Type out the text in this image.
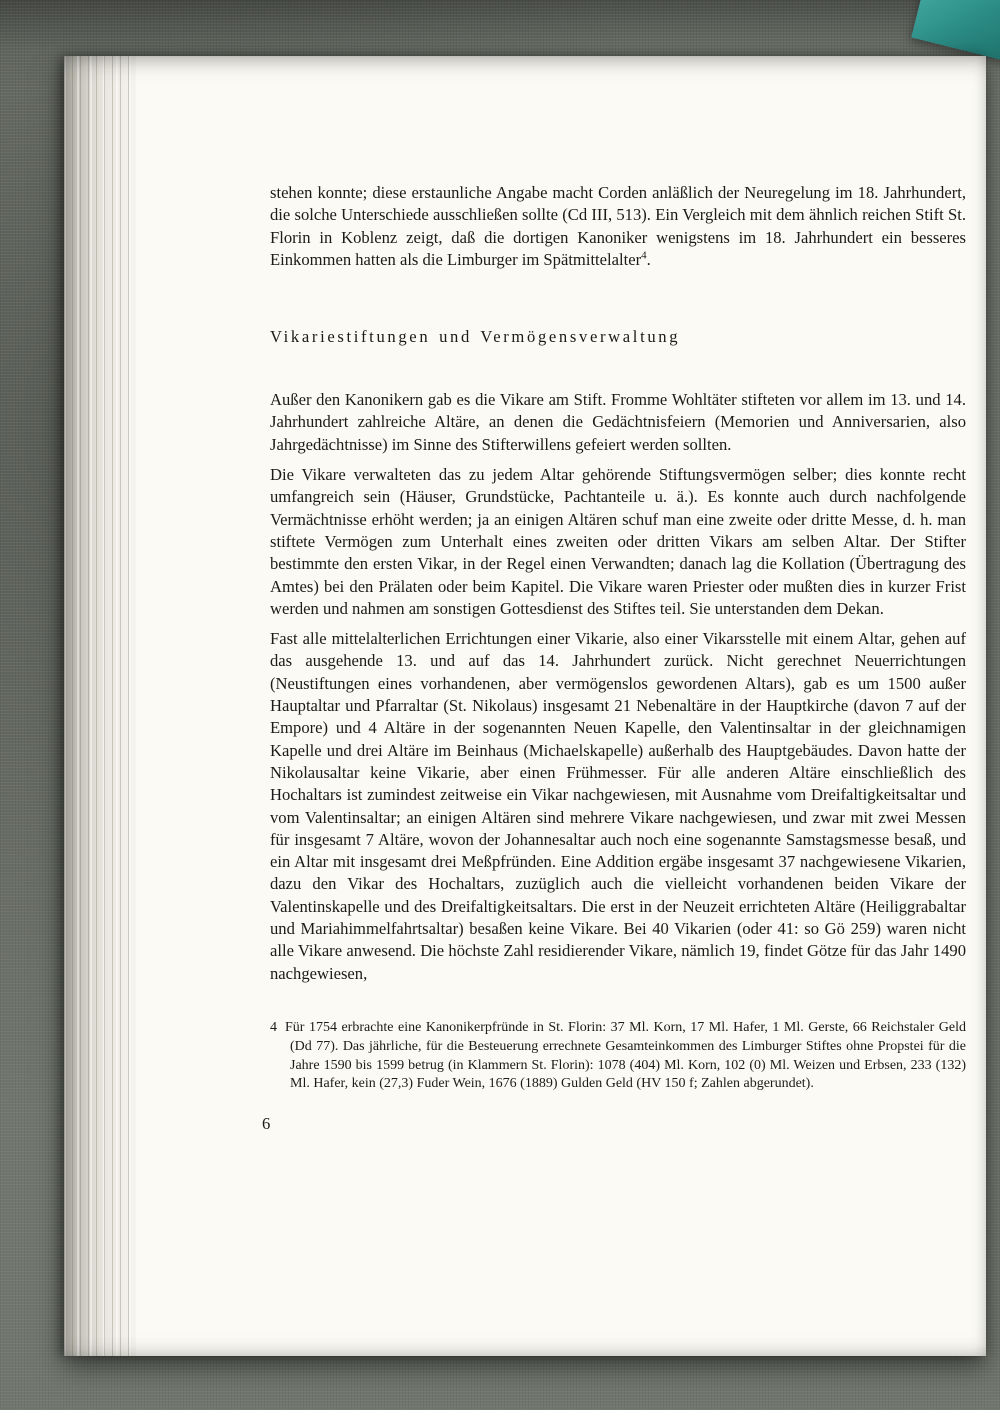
stehen konnte; diese erstaunliche Angabe macht Corden anläßlich der Neuregelung im 18. Jahrhundert, die solche Unterschiede ausschließen sollte (Cd III, 513). Ein Vergleich mit dem ähnlich reichen Stift St. Florin in Koblenz zeigt, daß die dortigen Kanoniker wenigstens im 18. Jahrhundert ein besseres Einkommen hatten als die Limburger im Spätmittelalter$^4$.

Vikariestiftungen und Vermögensverwaltung

Außer den Kanonikern gab es die Vikare am Stift. Fromme Wohltäter stifteten vor allem im 13. und 14. Jahrhundert zahlreiche Altäre, an denen die Gedächtnisfeiern (Memorien und Anniversarien, also Jahrgedächtnisse) im Sinne des Stifterwillens gefeiert werden sollten.

Die Vikare verwalteten das zu jedem Altar gehörende Stiftungsvermögen selber; dies konnte recht umfangreich sein (Häuser, Grundstücke, Pachtanteile u. ä.). Es konnte auch durch nachfolgende Vermächtnisse erhöht werden; ja an einigen Altären schuf man eine zweite oder dritte Messe, d. h. man stiftete Vermögen zum Unterhalt eines zweiten oder dritten Vikars am selben Altar. Der Stifter bestimmte den ersten Vikar, in der Regel einen Verwandten; danach lag die Kollation (Übertragung des Amtes) bei den Prälaten oder beim Kapitel. Die Vikare waren Priester oder mußten dies in kurzer Frist werden und nahmen am sonstigen Gottesdienst des Stiftes teil. Sie unterstanden dem Dekan.

Fast alle mittelalterlichen Errichtungen einer Vikarie, also einer Vikarsstelle mit einem Altar, gehen auf das ausgehende 13. und auf das 14. Jahrhundert zurück. Nicht gerechnet Neuerrichtungen (Neustiftungen eines vorhandenen, aber vermögenslos gewordenen Altars), gab es um 1500 außer Hauptaltar und Pfarraltar (St. Nikolaus) insgesamt 21 Nebenaltäre in der Hauptkirche (davon 7 auf der Empore) und 4 Altäre in der sogenannten Neuen Kapelle, den Valentinsaltar in der gleichnamigen Kapelle und drei Altäre im Beinhaus (Michaelskapelle) außerhalb des Hauptgebäudes. Davon hatte der Nikolausaltar keine Vikarie, aber einen Frühmesser. Für alle anderen Altäre einschließlich des Hochaltars ist zumindest zeitweise ein Vikar nachgewiesen, mit Ausnahme vom Dreifaltigkeitsaltar und vom Valentinsaltar; an einigen Altären sind mehrere Vikare nachgewiesen, und zwar mit zwei Messen für insgesamt 7 Altäre, wovon der Johannesaltar auch noch eine sogenannte Samstagsmesse besaß, und ein Altar mit insgesamt drei Meßpfründen. Eine Addition ergäbe insgesamt 37 nachgewiesene Vikarien, dazu den Vikar des Hochaltars, zuzüglich auch die vielleicht vorhandenen beiden Vikare der Valentinskapelle und des Dreifaltigkeitsaltars. Die erst in der Neuzeit errichteten Altäre (Heiliggrabaltar und Mariahimmelfahrtsaltar) besaßen keine Vikare. Bei 40 Vikarien (oder 41: so Gö 259) waren nicht alle Vikare anwesend. Die höchste Zahl residierender Vikare, nämlich 19, findet Götze für das Jahr 1490 nachgewiesen,

4 Für 1754 erbrachte eine Kanonikerpfründe in St. Florin: 37 Ml. Korn, 17 Ml. Hafer, 1 Ml. Gerste, 66 Reichstaler Geld (Dd 77). Das jährliche, für die Besteuerung errechnete Gesamteinkommen des Limburger Stiftes ohne Propstei für die Jahre 1590 bis 1599 betrug (in Klammern St. Florin): 1078 (404) Ml. Korn, 102 (0) Ml. Weizen und Erbsen, 233 (132) Ml. Hafer, kein (27,3) Fuder Wein, 1676 (1889) Gulden Geld (HV 150 f; Zahlen abgerundet).

6
